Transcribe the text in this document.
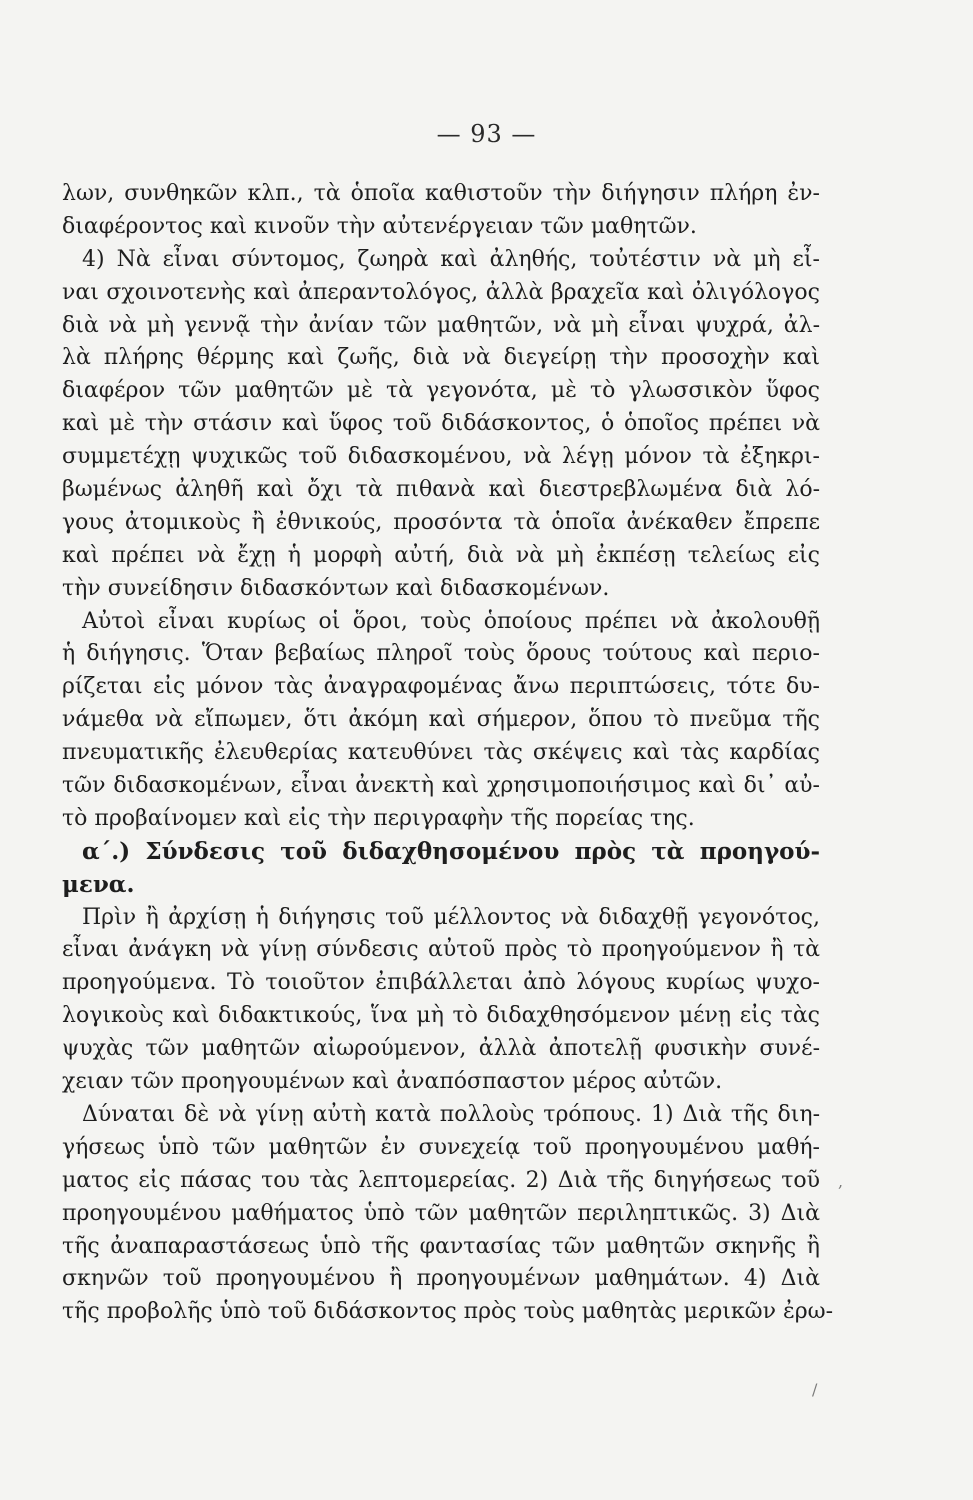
— 93 —
λων, συνθηκῶν κλπ., τὰ ὁποῖα καθιστοῦν τὴν διήγησιν πλήρη ἐν-
διαφέροντος καὶ κινοῦν τὴν αὐτενέργειαν τῶν μαθητῶν.
4) Νὰ εἶναι σύντομος, ζωηρὰ καὶ ἀληθής, τοὐτέστιν νὰ μὴ εἶ-
ναι σχοινοτενὴς καὶ ἀπεραντολόγος, ἀλλὰ βραχεῖα καὶ ὀλιγόλογος
διὰ νὰ μὴ γεννᾷ τὴν ἀνίαν τῶν μαθητῶν, νὰ μὴ εἶναι ψυχρά, ἀλ-
λὰ πλήρης θέρμης καὶ ζωῆς, διὰ νὰ διεγείρῃ τὴν προσοχὴν καὶ
διαφέρον τῶν μαθητῶν μὲ τὰ γεγονότα, μὲ τὸ γλωσσικὸν ὕφος
καὶ μὲ τὴν στάσιν καὶ ὕφος τοῦ διδάσκοντος, ὁ ὁποῖος πρέπει νὰ
συμμετέχῃ ψυχικῶς τοῦ διδασκομένου, νὰ λέγῃ μόνον τὰ ἐξηκρι-
βωμένως ἀληθῆ καὶ ὄχι τὰ πιθανὰ καὶ διεστρεβλωμένα διὰ λό-
γους ἀτομικοὺς ἢ ἐθνικούς, προσόντα τὰ ὁποῖα ἀνέκαθεν ἔπρεπε
καὶ πρέπει νὰ ἔχῃ ἡ μορφὴ αὐτή, διὰ νὰ μὴ ἐκπέσῃ τελείως εἰς
τὴν συνείδησιν διδασκόντων καὶ διδασκομένων.
Αὐτοὶ εἶναι κυρίως οἱ ὅροι, τοὺς ὁποίους πρέπει νὰ ἀκολουθῇ
ἡ διήγησις. Ὅταν βεβαίως πληροῖ τοὺς ὅρους τούτους καὶ περιο-
ρίζεται εἰς μόνον τὰς ἀναγραφομένας ἄνω περιπτώσεις, τότε δυ-
νάμεθα νὰ εἴπωμεν, ὅτι ἀκόμη καὶ σήμερον, ὅπου τὸ πνεῦμα τῆς
πνευματικῆς ἐλευθερίας κατευθύνει τὰς σκέψεις καὶ τὰς καρδίας
τῶν διδασκομένων, εἶναι ἀνεκτὴ καὶ χρησιμοποιήσιμος καὶ δι᾽ αὐ-
τὸ προβαίνομεν καὶ εἰς τὴν περιγραφὴν τῆς πορείας της.
α΄.) Σύνδεσις τοῦ διδαχθησομένου πρὸς τὰ προηγού-
μενα.
Πρὶν ἢ ἀρχίσῃ ἡ διήγησις τοῦ μέλλοντος νὰ διδαχθῇ γεγονότος,
εἶναι ἀνάγκη νὰ γίνῃ σύνδεσις αὐτοῦ πρὸς τὸ προηγούμενον ἢ τὰ
προηγούμενα. Τὸ τοιοῦτον ἐπιβάλλεται ἀπὸ λόγους κυρίως ψυχο-
λογικοὺς καὶ διδακτικούς, ἵνα μὴ τὸ διδαχθησόμενον μένῃ εἰς τὰς
ψυχὰς τῶν μαθητῶν αἰωρούμενον, ἀλλὰ ἀποτελῇ φυσικὴν συνέ-
χειαν τῶν προηγουμένων καὶ ἀναπόσπαστον μέρος αὐτῶν.
Δύναται δὲ νὰ γίνῃ αὐτὴ κατὰ πολλοὺς τρόπους. 1) Διὰ τῆς διη-
γήσεως ὑπὸ τῶν μαθητῶν ἐν συνεχείᾳ τοῦ προηγουμένου μαθή-
ματος εἰς πάσας του τὰς λεπτομερείας. 2) Διὰ τῆς διηγήσεως τοῦ
προηγουμένου μαθήματος ὑπὸ τῶν μαθητῶν περιληπτικῶς. 3) Διὰ
τῆς ἀναπαραστάσεως ὑπὸ τῆς φαντασίας τῶν μαθητῶν σκηνῆς ἢ
σκηνῶν τοῦ προηγουμένου ἢ προηγουμένων μαθημάτων. 4) Διὰ
τῆς προβολῆς ὑπὸ τοῦ διδάσκοντος πρὸς τοὺς μαθητὰς μερικῶν ἐρω-
,
/
